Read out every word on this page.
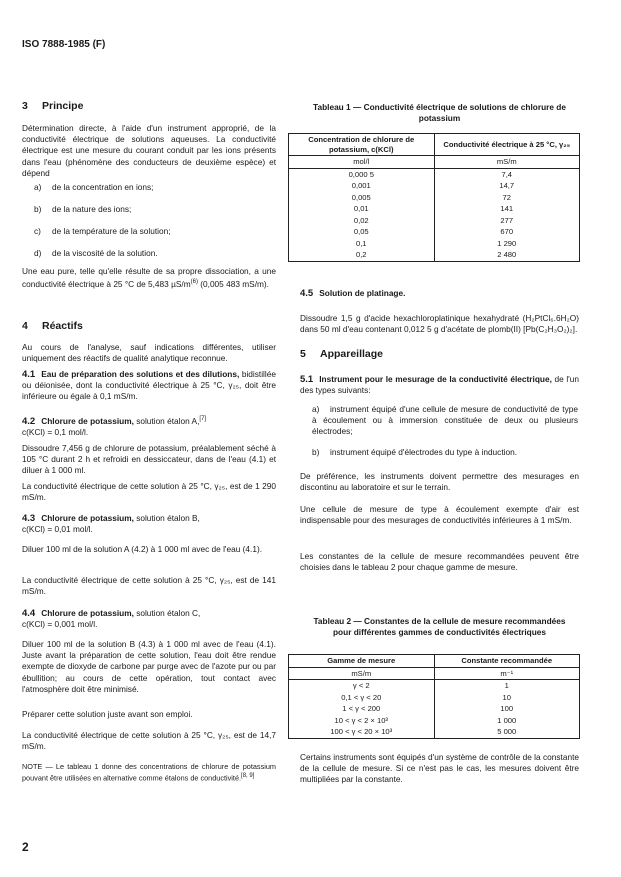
ISO 7888-1985 (F)
3 Principe
Détermination directe, à l'aide d'un instrument approprié, de la conductivité électrique de solutions aqueuses. La conductivité électrique est une mesure du courant conduit par les ions présents dans l'eau (phénomène des conducteurs de deuxième espèce) et dépend
a) de la concentration en ions;
b) de la nature des ions;
c) de la température de la solution;
d) de la viscosité de la solution.
Une eau pure, telle qu'elle résulte de sa propre dissociation, a une conductivité électrique à 25 °C de 5,483 $\mu S/m^{(6)}$ (0,005 483 mS/m).
4 Réactifs
Au cours de l'analyse, sauf indications différentes, utiliser uniquement des réactifs de qualité analytique reconnue.
4.1 Eau de préparation des solutions et des dilutions, bidistillée ou déionisée, dont la conductivité électrique à 25 °C, γ₂₅, doit être inférieure ou égale à 0,1 mS/m.
4.2 Chlorure de potassium, solution étalon A,[7]
c(KCl) = 0,1 mol/l.
Dissoudre 7,456 g de chlorure de potassium, préalablement séché à 105 °C durant 2 h et refroidi en dessiccateur, dans de l'eau (4.1) et diluer à 1 000 ml.
La conductivité électrique de cette solution à 25 °C, γ₂₅, est de 1 290 mS/m.
4.3 Chlorure de potassium, solution étalon B,
c(KCl) = 0,01 mol/l.
Diluer 100 ml de la solution A (4.2) à 1 000 ml avec de l'eau (4.1).
La conductivité électrique de cette solution à 25 °C, γ₂₅, est de 141 mS/m.
4.4 Chlorure de potassium, solution étalon C,
c(KCl) = 0,001 mol/l.
Diluer 100 ml de la solution B (4.3) à 1 000 ml avec de l'eau (4.1). Juste avant la préparation de cette solution, l'eau doit être rendue exempte de dioxyde de carbone par purge avec de l'azote pur ou par ébullition; au cours de cette opération, tout contact avec l'atmosphère doit être minimisé.
Préparer cette solution juste avant son emploi.
La conductivité électrique de cette solution à 25 °C, γ₂₅, est de 14,7 mS/m.
NOTE — Le tableau 1 donne des concentrations de chlorure de potassium pouvant être utilisées en alternative comme étalons de conductivité.[8, 9]
2
Tableau 1 — Conductivité électrique de solutions de chlorure de potassium
Concentration de chlorure de potassium, c(KCl)	Conductivité électrique à 25 °C, γ₂₅
mol/l	mS/m
0,000 5	7,4
0,001	14,7
0,005	72
0,01	141
0,02	277
0,05	670
0,1	1 290
0,2	2 480
4.5 Solution de platinage.
Dissoudre 1,5 g d'acide hexachloroplatinique hexahydraté (H₂PtCl₆.6H₂O) dans 50 ml d'eau contenant 0,012 5 g d'acétate de plomb(II) [Pb(C₂H₃O₂)₂].
5 Appareillage
5.1 Instrument pour le mesurage de la conductivité électrique, de l'un des types suivants:
a) instrument équipé d'une cellule de mesure de conductivité de type à écoulement ou à immersion constituée de deux ou plusieurs électrodes;
b) instrument équipé d'électrodes du type à induction.
De préférence, les instruments doivent permettre des mesurages en discontinu au laboratoire et sur le terrain.
Une cellule de mesure de type à écoulement exempte d'air est indispensable pour des mesurages de conductivités inférieures à 1 mS/m.
Les constantes de la cellule de mesure recommandées peuvent être choisies dans le tableau 2 pour chaque gamme de mesure.
Tableau 2 — Constantes de la cellule de mesure recommandées pour différentes gammes de conductivités électriques
Gamme de mesure	Constante recommandée
mS/m	m⁻¹
γ < 2	1
0,1 < γ < 20	10
1 < γ < 200	100
10 < γ < 2 × 10³	1 000
100 < γ < 20 × 10³	5 000
Certains instruments sont équipés d'un système de contrôle de la constante de la cellule de mesure. Si ce n'est pas le cas, les mesures doivent être multipliées par la constante.
